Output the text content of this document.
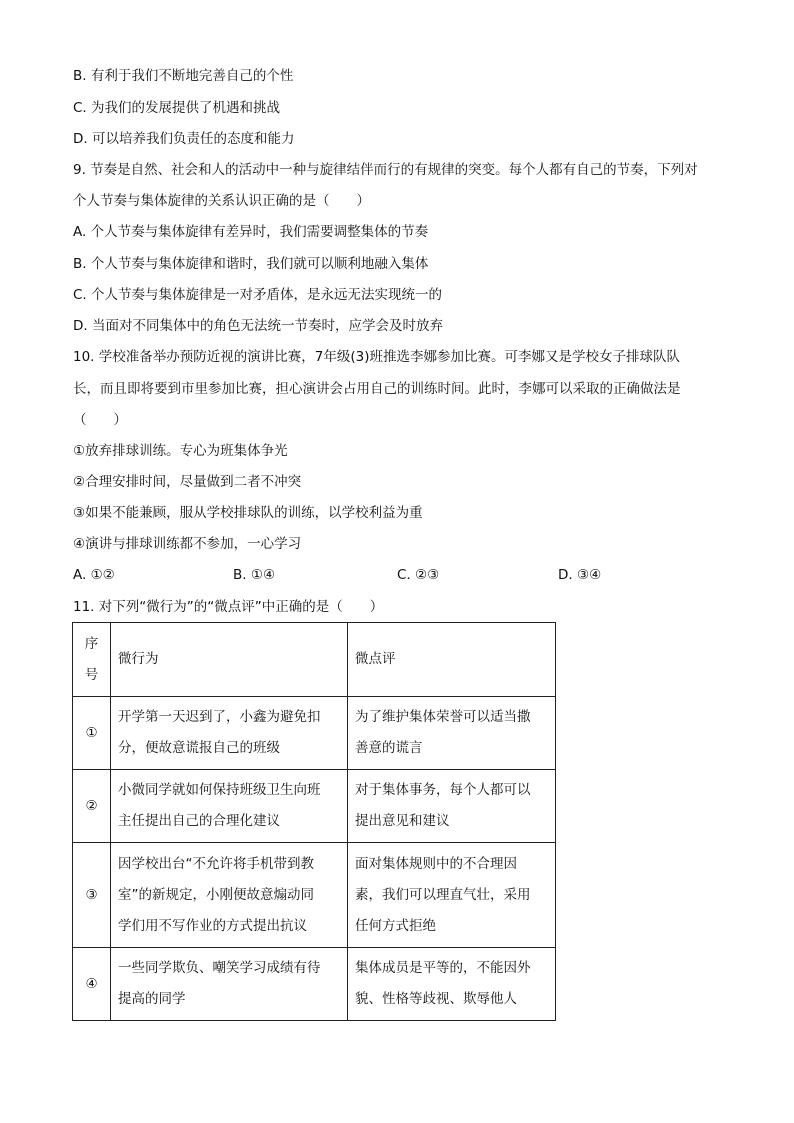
B. 有利于我们不断地完善自己的个性
C. 为我们的发展提供了机遇和挑战
D. 可以培养我们负责任的态度和能力
9. 节奏是自然、社会和人的活动中一种与旋律结伴而行的有规律的突变。每个人都有自己的节奏，下列对
个人节奏与集体旋律的关系认识正确的是（　　）
A. 个人节奏与集体旋律有差异时，我们需要调整集体的节奏
B. 个人节奏与集体旋律和谐时，我们就可以顺利地融入集体
C. 个人节奏与集体旋律是一对矛盾体，是永远无法实现统一的
D. 当面对不同集体中的角色无法统一节奏时，应学会及时放弃
10. 学校准备举办预防近视的演讲比赛，7年级(3)班推选李娜参加比赛。可李娜又是学校女子排球队队
长，而且即将要到市里参加比赛，担心演讲会占用自己的训练时间。此时，李娜可以采取的正确做法是
（　　）
①放弃排球训练。专心为班集体争光
②合理安排时间，尽量做到二者不冲突
③如果不能兼顾，服从学校排球队的训练，以学校利益为重
④演讲与排球训练都不参加，一心学习
A. ①②	B. ①④	C. ②③	D. ③④
11. 对下列“微行为”的“微点评”中正确的是（　　）
序
号	微行为	微点评

①	开学第一天迟到了，小鑫为避免扣
分，便故意谎报自己的班级	为了维护集体荣誉可以适当撒
善意的谎言

②	小微同学就如何保持班级卫生向班
主任提出自己的合理化建议	对于集体事务，每个人都可以
提出意见和建议

③	因学校出台“不允许将手机带到教
室”的新规定，小刚便故意煽动同
学们用不写作业的方式提出抗议	面对集体规则中的不合理因
素，我们可以理直气壮，采用
任何方式拒绝

④	一些同学欺负、嘲笑学习成绩有待
提高的同学	集体成员是平等的，不能因外
貌、性格等歧视、欺辱他人
